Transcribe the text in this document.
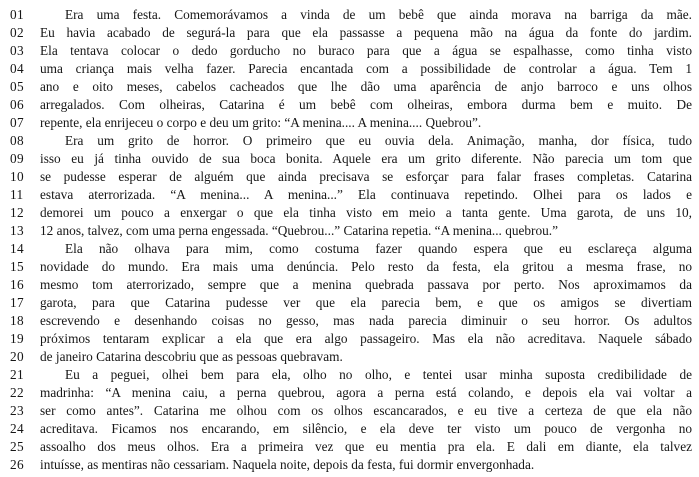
01	Era uma festa. Comemorávamos a vinda de um bebê que ainda morava na barriga da mãe.
02	Eu havia acabado de segurá-la para que ela passasse a pequena mão na água da fonte do jardim.
03	Ela tentava colocar o dedo gorducho no buraco para que a água se espalhasse, como tinha visto
04	uma criança mais velha fazer. Parecia encantada com a possibilidade de controlar a água. Tem 1
05	ano e oito meses, cabelos cacheados que lhe dão uma aparência de anjo barroco e uns olhos
06	arregalados. Com olheiras, Catarina é um bebê com olheiras, embora durma bem e muito. De
07	repente, ela enrijeceu o corpo e deu um grito: “A menina.... A menina.... Quebrou”.
08	Era um grito de horror. O primeiro que eu ouvia dela. Animação, manha, dor física, tudo
09	isso eu já tinha ouvido de sua boca bonita. Aquele era um grito diferente. Não parecia um tom que
10	se pudesse esperar de alguém que ainda precisava se esforçar para falar frases completas. Catarina
11	estava aterrorizada. “A menina... A menina...” Ela continuava repetindo. Olhei para os lados e
12	demorei um pouco a enxergar o que ela tinha visto em meio a tanta gente. Uma garota, de uns 10,
13	12 anos, talvez, com uma perna engessada. “Quebrou...” Catarina repetia. “A menina... quebrou.”
14	Ela não olhava para mim, como costuma fazer quando espera que eu esclareça alguma
15	novidade do mundo. Era mais uma denúncia. Pelo resto da festa, ela gritou a mesma frase, no
16	mesmo tom aterrorizado, sempre que a menina quebrada passava por perto. Nos aproximamos da
17	garota, para que Catarina pudesse ver que ela parecia bem, e que os amigos se divertiam
18	escrevendo e desenhando coisas no gesso, mas nada parecia diminuir o seu horror. Os adultos
19	próximos tentaram explicar a ela que era algo passageiro. Mas ela não acreditava. Naquele sábado
20	de janeiro Catarina descobriu que as pessoas quebravam.
21	Eu a peguei, olhei bem para ela, olho no olho, e tentei usar minha suposta credibilidade de
22	madrinha: “A menina caiu, a perna quebrou, agora a perna está colando, e depois ela vai voltar a
23	ser como antes”. Catarina me olhou com os olhos escancarados, e eu tive a certeza de que ela não
24	acreditava. Ficamos nos encarando, em silêncio, e ela deve ter visto um pouco de vergonha no
25	assoalho dos meus olhos. Era a primeira vez que eu mentia pra ela. E dali em diante, ela talvez
26	intuísse, as mentiras não cessariam. Naquela noite, depois da festa, fui dormir envergonhada.
